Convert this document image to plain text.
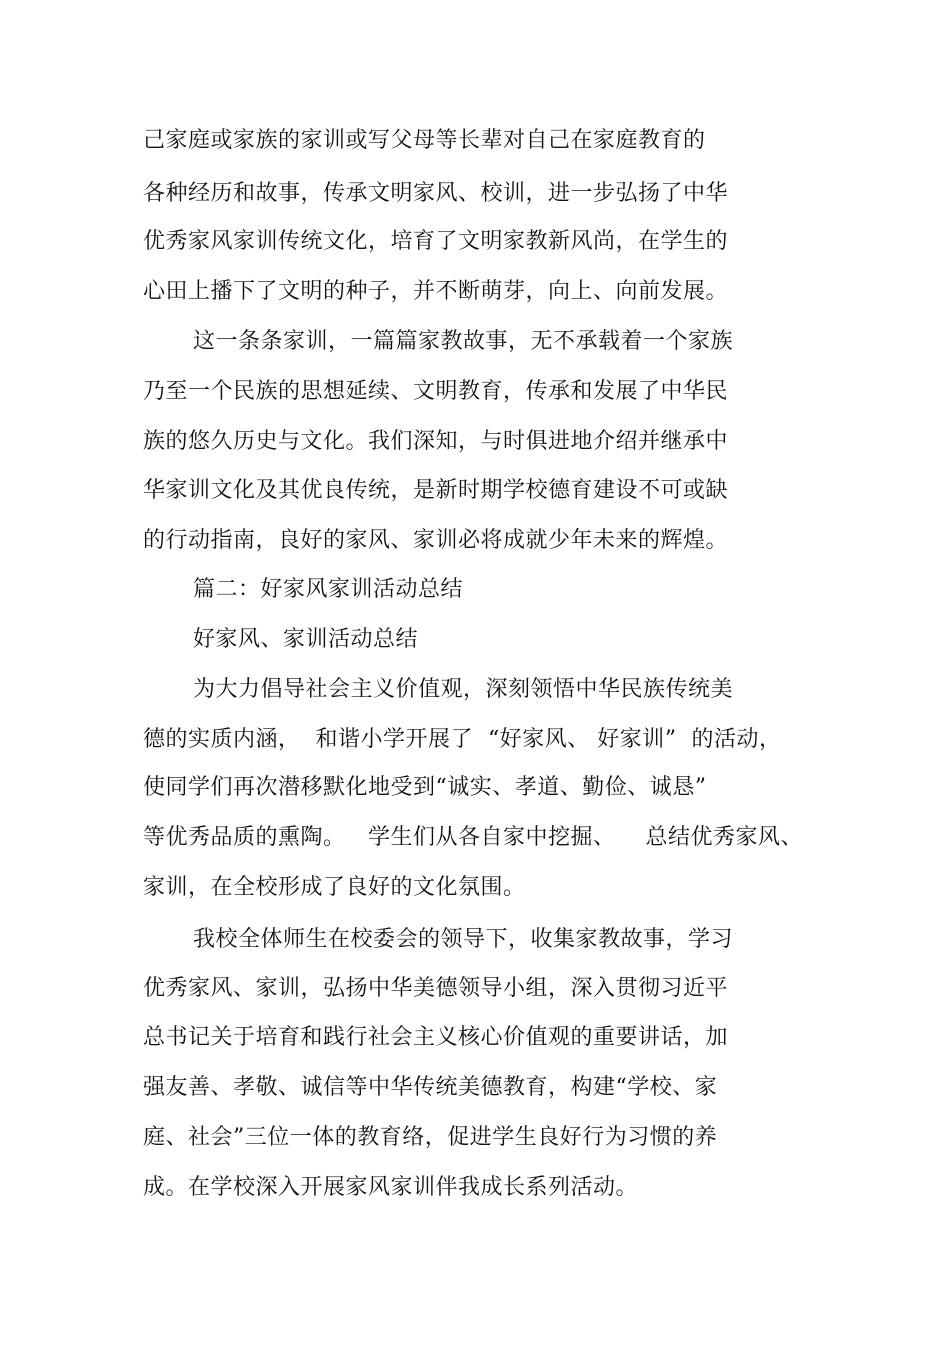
己家庭或家族的家训或写父母等长辈对自己在家庭教育的
各种经历和故事，传承文明家风、校训，进一步弘扬了中华
优秀家风家训传统文化，培育了文明家教新风尚，在学生的
心田上播下了文明的种子，并不断萌芽，向上、向前发展。
这一条条家训，一篇篇家教故事，无不承载着一个家族
乃至一个民族的思想延续、文明教育，传承和发展了中华民
族的悠久历史与文化。我们深知，与时俱进地介绍并继承中
华家训文化及其优良传统，是新时期学校德育建设不可或缺
的行动指南，良好的家风、家训必将成就少年未来的辉煌。
篇二：好家风家训活动总结
好家风、家训活动总结
为大力倡导社会主义价值观，深刻领悟中华民族传统美
德的实质内涵，  和谐小学开展了  “好家风、 好家训”  的活动，
使同学们再次潜移默化地受到“诚实、孝道、勤俭、诚恳”
等优秀品质的熏陶。   学生们从各自家中挖掘、    总结优秀家风、
家训，在全校形成了良好的文化氛围。
我校全体师生在校委会的领导下，收集家教故事，学习
优秀家风、家训，弘扬中华美德领导小组，深入贯彻习近平
总书记关于培育和践行社会主义核心价值观的重要讲话，加
强友善、孝敬、诚信等中华传统美德教育，构建“学校、家
庭、社会”三位一体的教育络，促进学生良好行为习惯的养
成。在学校深入开展家风家训伴我成长系列活动。
